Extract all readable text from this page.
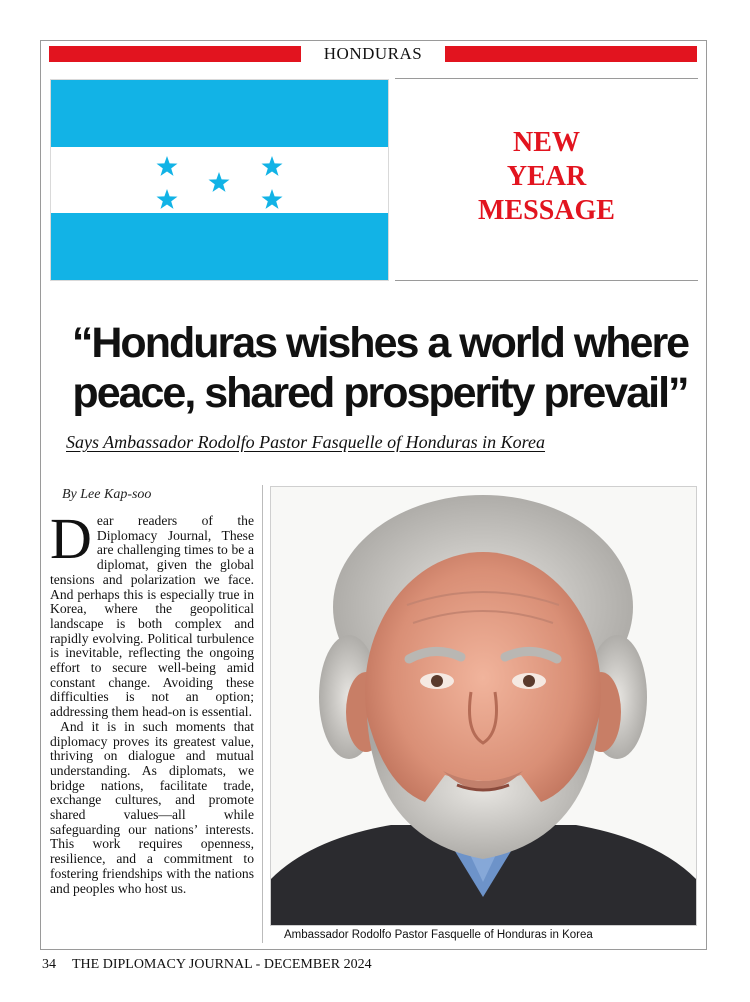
HONDURAS
NEW
YEAR
MESSAGE
“Honduras wishes a world where
peace, shared prosperity prevail”
Says Ambassador Rodolfo Pastor Fasquelle of Honduras in Korea
By Lee Kap-soo

Dear readers of the Diplomacy Journal, These are challenging times to be a diplomat, given the global tensions and polarization we face. And perhaps this is especially true in Korea, where the geopolitical landscape is both complex and rapidly evolving. Political turbulence is inevitable, reflecting the ongoing effort to secure well-being amid constant change. Avoiding these difficulties is not an option; addressing them head-on is essential.

And it is in such moments that diplomacy proves its greatest value, thriving on dialogue and mutual understanding. As diplomats, we bridge nations, facilitate trade, exchange cultures, and promote shared values—all while safeguarding our nations’ interests. This work requires openness, resilience, and a commitment to fostering friendships with the nations and peoples who host us.

Ambassador Rodolfo Pastor Fasquelle of Honduras in Korea
34 THE DIPLOMACY JOURNAL - DECEMBER 2024
